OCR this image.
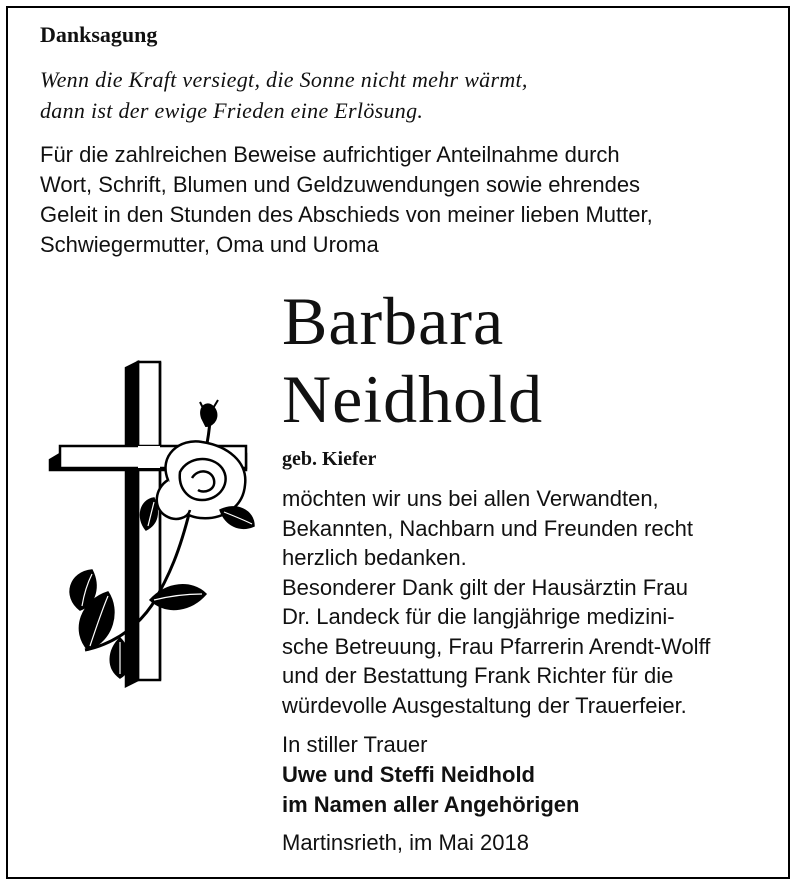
Danksagung
Wenn die Kraft versiegt, die Sonne nicht mehr wärmt,
dann ist der ewige Frieden eine Erlösung.
Für die zahlreichen Beweise aufrichtiger Anteilnahme durch
Wort, Schrift, Blumen und Geldzuwendungen sowie ehrendes
Geleit in den Stunden des Abschieds von meiner lieben Mutter,
Schwiegermutter, Oma und Uroma
Barbara
Neidhold
geb. Kiefer
möchten wir uns bei allen Verwandten,
Bekannten, Nachbarn und Freunden recht
herzlich bedanken.
Besonderer Dank gilt der Hausärztin Frau
Dr. Landeck für die langjährige medizini-
sche Betreuung, Frau Pfarrerin Arendt-Wolff
und der Bestattung Frank Richter für die
würdevolle Ausgestaltung der Trauerfeier.
In stiller Trauer
Uwe und Steffi Neidhold
im Namen aller Angehörigen
Martinsrieth, im Mai 2018
